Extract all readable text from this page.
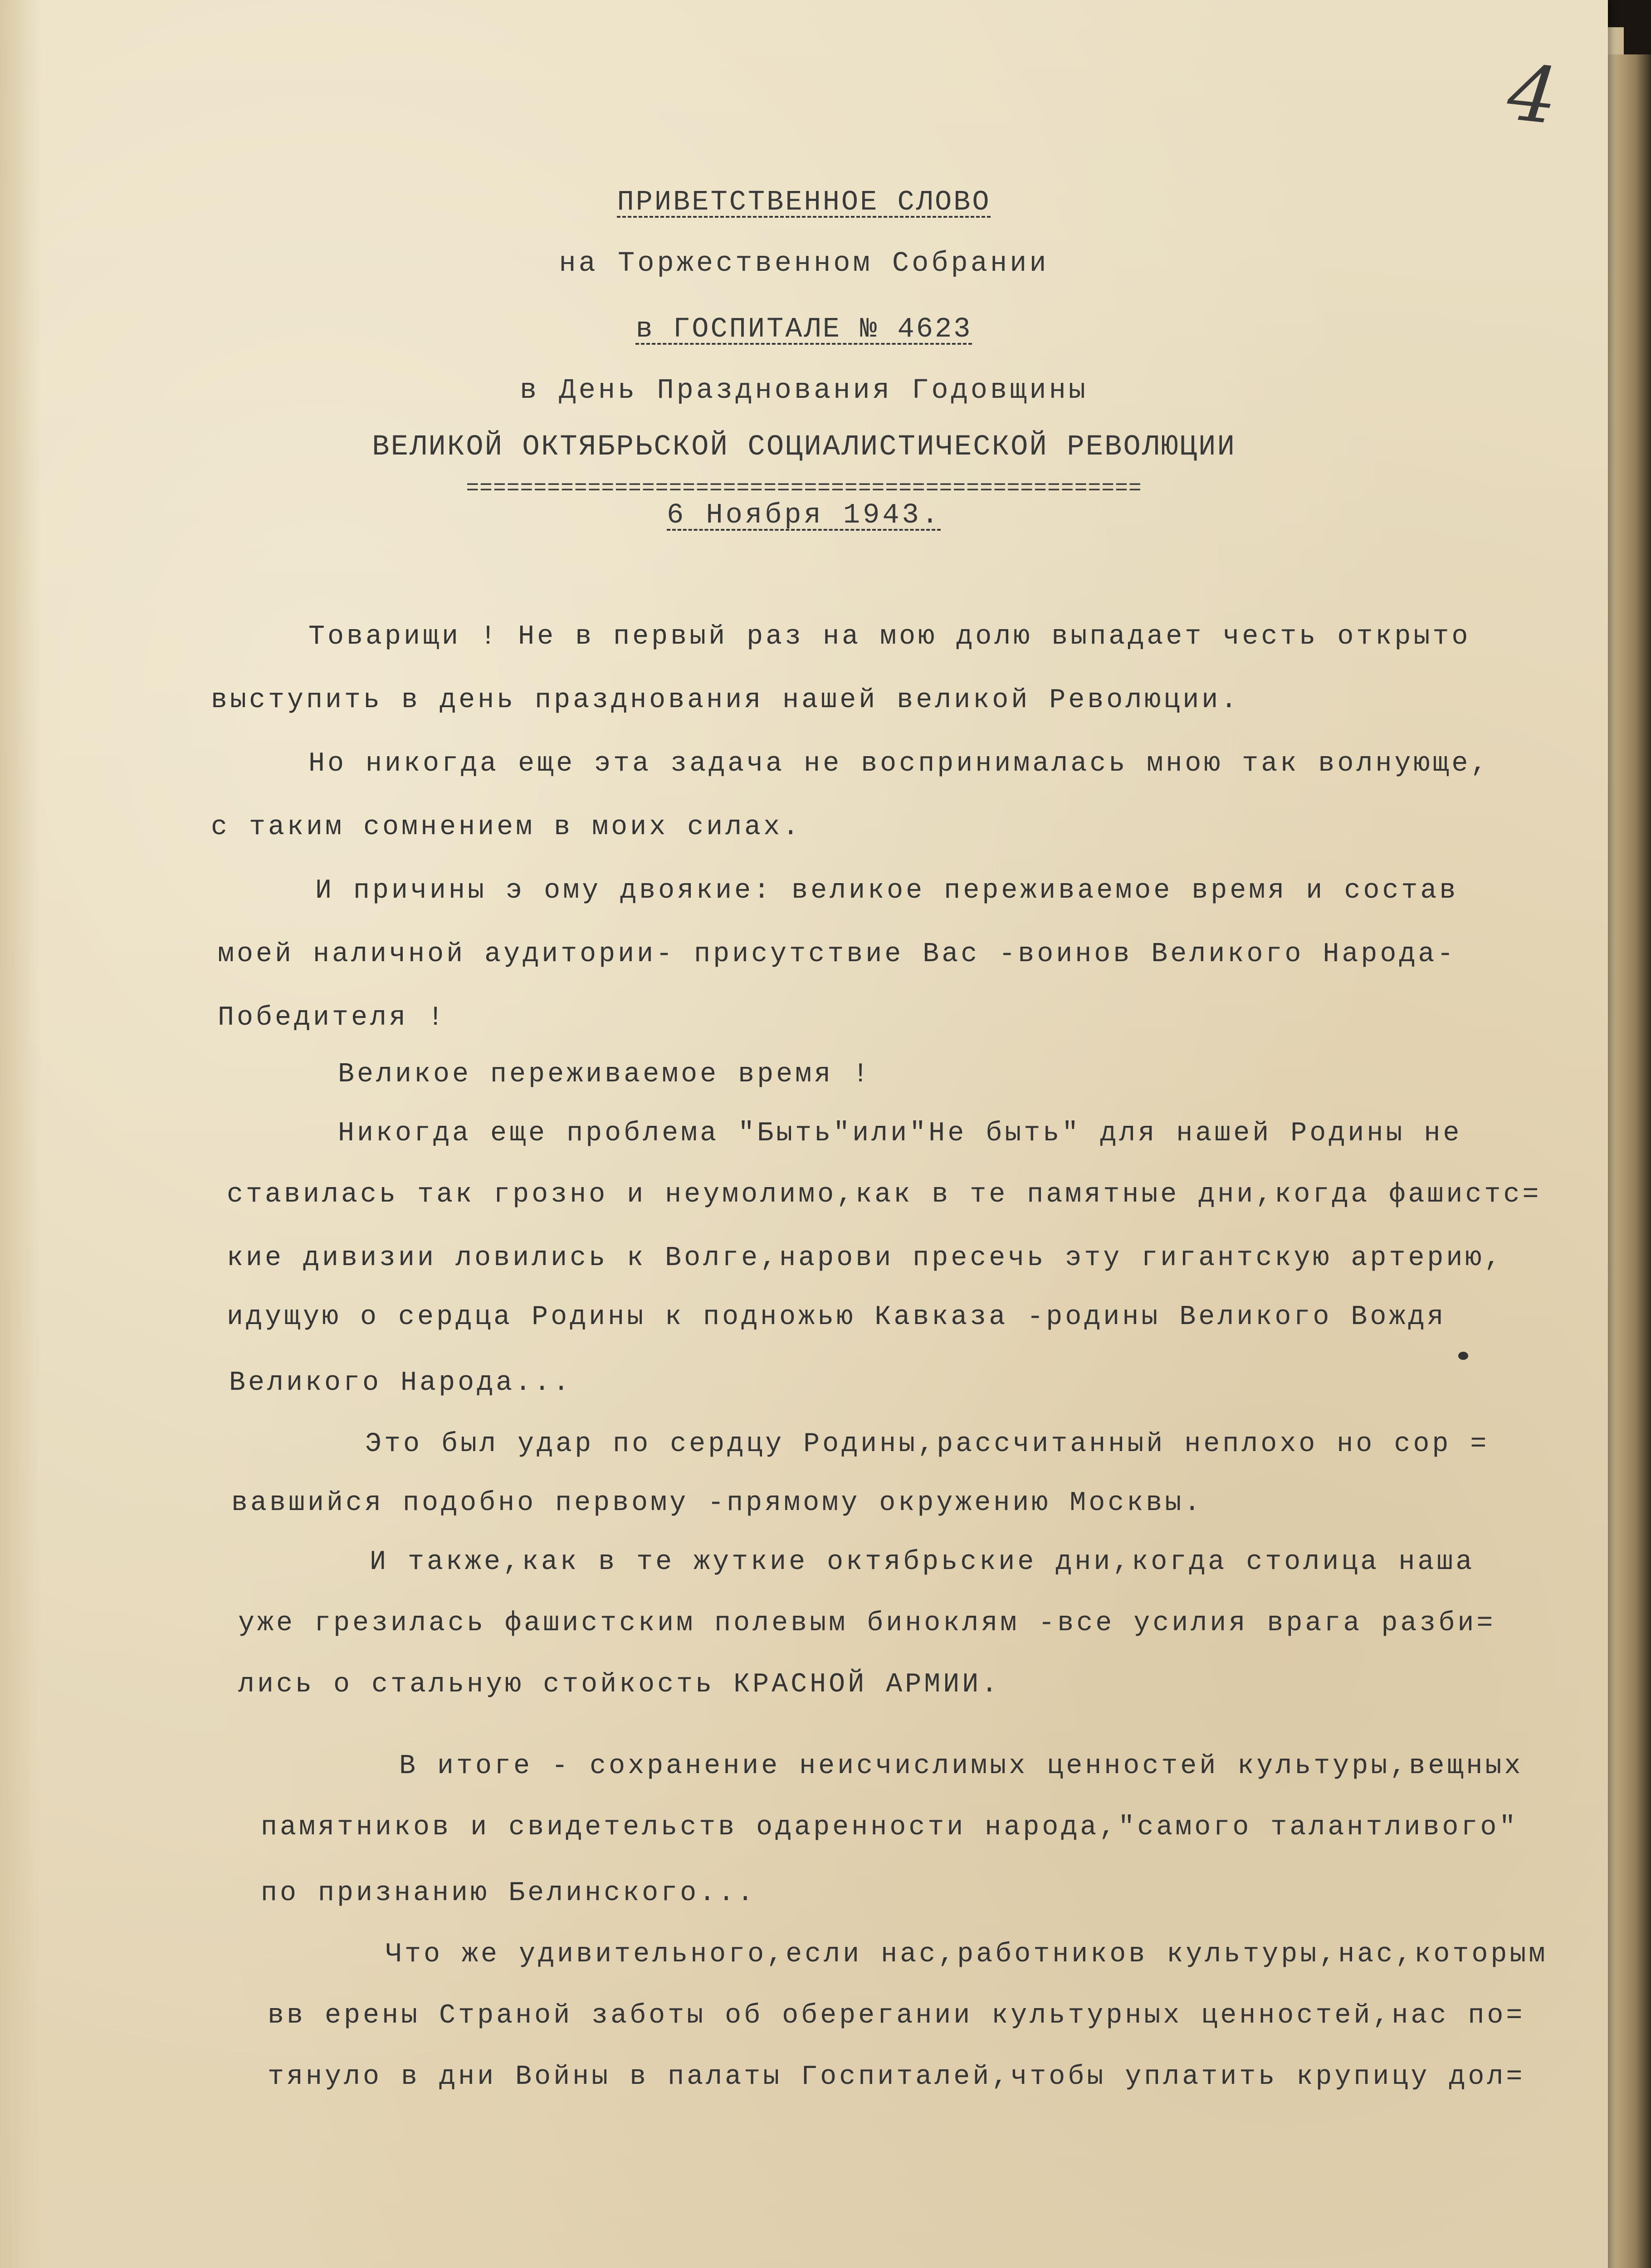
4
ПРИВЕТСТВЕННОЕ СЛОВО
на Торжественном Собрании
в ГОСПИТАЛЕ № 4623
в День Празднования Годовщины
ВЕЛИКОЙ ОКТЯБРЬСКОЙ СОЦИАЛИСТИЧЕСКОЙ РЕВОЛЮЦИИ
==================================================
6 Ноября 1943.
Товарищи ! Не в первый раз на мою долю выпадает честь открыто
выступить в день празднования нашей великой Революции.
Но никогда еще эта задача не воспринималась мною так волнующе,
с таким сомнением в моих силах.
И причины э ому двоякие: великое переживаемое время и состав
моей наличной аудитории- присутствие Вас -воинов Великого Народа-
Победителя !
Великое переживаемое время !
Никогда еще проблема "Быть"или"Не быть" для нашей Родины не
ставилась так грозно и неумолимо,как в те памятные дни,когда фашистс=
кие дивизии ловились к Волге,нарови пресечь эту гигантскую артерию,
идущую о сердца Родины к подножью Кавказа -родины Великого Вождя
Великого Народа...
Это был удар по сердцу Родины,рассчитанный неплохо но сор =
вавшийся подобно первому -прямому окружению Москвы.
И также,как в те жуткие октябрьские дни,когда столица наша
уже грезилась фашистским полевым биноклям -все усилия врага разби=
лись о стальную стойкость КРАСНОЙ АРМИИ.
В итоге - сохранение неисчислимых ценностей культуры,вещных
памятников и свидетельств одаренности народа,"самого талантливого"
по признанию Белинского...
Что же удивительного,если нас,работников культуры,нас,которым
вв ерены Страной заботы об оберегании культурных ценностей,нас по=
тянуло в дни Войны в палаты Госпиталей,чтобы уплатить крупицу дол=
